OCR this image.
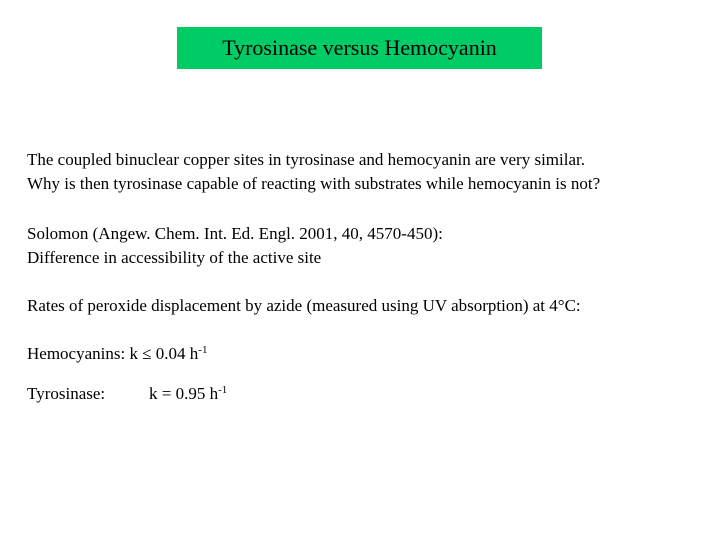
Tyrosinase versus Hemocyanin

The coupled binuclear copper sites in tyrosinase and hemocyanin are very similar.
Why is then tyrosinase capable of reacting with substrates while hemocyanin is not?

Solomon (Angew. Chem. Int. Ed. Engl. 2001, 40, 4570-450):
Difference in accessibility of the active site

Rates of peroxide displacement by azide (measured using UV absorption) at 4°C:

Hemocyanins: k ≤ 0.04 $h^{-1}$

Tyrosinase:	k = 0.95 $h^{-1}$
